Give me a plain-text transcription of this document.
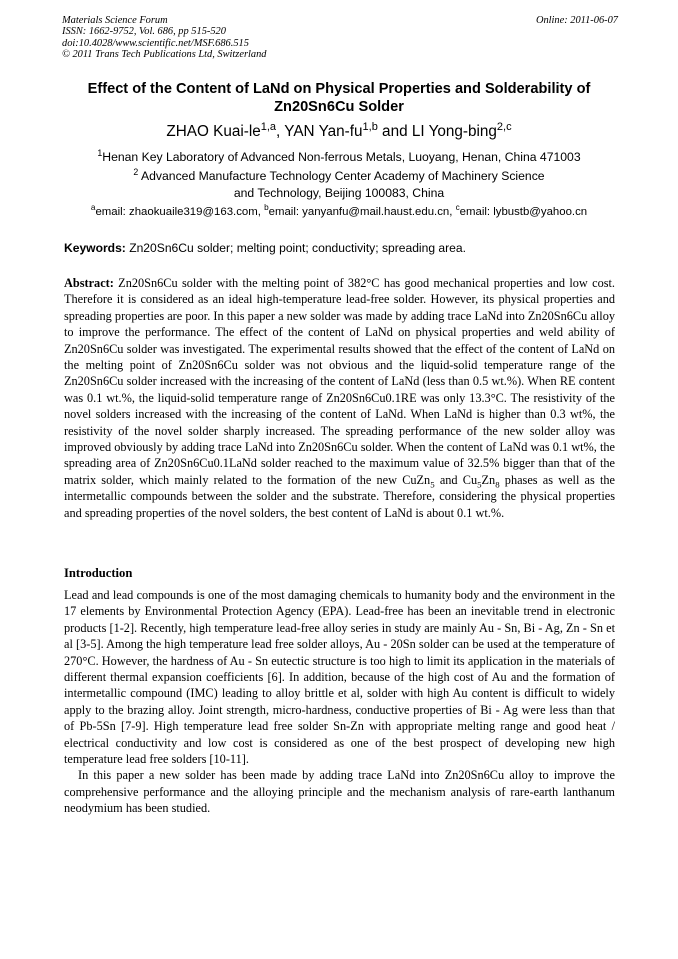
Materials Science Forum
ISSN: 1662-9752, Vol. 686, pp 515-520
doi:10.4028/www.scientific.net/MSF.686.515
© 2011 Trans Tech Publications Ltd, Switzerland
Online: 2011-06-07
Effect of the Content of LaNd on Physical Properties and Solderability of
Zn20Sn6Cu Solder
ZHAO Kuai-le$^{1,a}$, YAN Yan-fu$^{1,b}$ and LI Yong-bing$^{2,c}$
$^1$Henan Key Laboratory of Advanced Non-ferrous Metals, Luoyang, Henan, China 471003
$^2$ Advanced Manufacture Technology Center Academy of Machinery Science
and Technology, Beijing 100083, China
$^a$email: zhaokuaile319@163.com, $^b$email: yanyanfu@mail.haust.edu.cn, $^c$email: lybustb@yahoo.cn
Keywords: Zn20Sn6Cu solder; melting point; conductivity; spreading area.
Abstract: Zn20Sn6Cu solder with the melting point of 382°C has good mechanical properties and low cost. Therefore it is considered as an ideal high-temperature lead-free solder. However, its physical properties and spreading properties are poor. In this paper a new solder was made by adding trace LaNd into Zn20Sn6Cu alloy to improve the performance. The effect of the content of LaNd on physical properties and weld ability of Zn20Sn6Cu solder was investigated. The experimental results showed that the effect of the content of LaNd on the melting point of Zn20Sn6Cu solder was not obvious and the liquid-solid temperature range of the Zn20Sn6Cu solder increased with the increasing of the content of LaNd (less than 0.5 wt.%). When RE content was 0.1 wt.%, the liquid-solid temperature range of Zn20Sn6Cu0.1RE was only 13.3°C. The resistivity of the novel solders increased with the increasing of the content of LaNd. When LaNd is higher than 0.3 wt%, the resistivity of the novel solder sharply increased. The spreading performance of the new solder alloy was improved obviously by adding trace LaNd into Zn20Sn6Cu solder. When the content of LaNd was 0.1 wt%, the spreading area of Zn20Sn6Cu0.1LaNd solder reached to the maximum value of 32.5% bigger than that of the matrix solder, which mainly related to the formation of the new CuZn$_5$ and $Cu_5Zn_8$ phases as well as the intermetallic compounds between the solder and the substrate. Therefore, considering the physical properties and spreading properties of the novel solders, the best content of LaNd is about 0.1 wt.%.
Introduction

Lead and lead compounds is one of the most damaging chemicals to humanity body and the environment in the 17 elements by Environmental Protection Agency (EPA). Lead-free has been an inevitable trend in electronic products [1-2]. Recently, high temperature lead-free alloy series in study are mainly Au - Sn, Bi - Ag, Zn - Sn et al [3-5]. Among the high temperature lead free solder alloys, Au - 20Sn solder can be used at the temperature of 270°C. However, the hardness of Au - Sn eutectic structure is too high to limit its application in the materials of different thermal expansion coefficients [6]. In addition, because of the high cost of Au and the formation of intermetallic compound (IMC) leading to alloy brittle et al, solder with high Au content is difficult to widely apply to the brazing alloy. Joint strength, micro-hardness, conductive properties of Bi - Ag were less than that of Pb-5Sn [7-9]. High temperature lead free solder Sn-Zn with appropriate melting range and good heat / electrical conductivity and low cost is considered as one of the best prospect of developing new high temperature lead free solders [10-11].

In this paper a new solder has been made by adding trace LaNd into Zn20Sn6Cu alloy to improve the comprehensive performance and the alloying principle and the mechanism analysis of rare-earth lanthanum neodymium has been studied.
